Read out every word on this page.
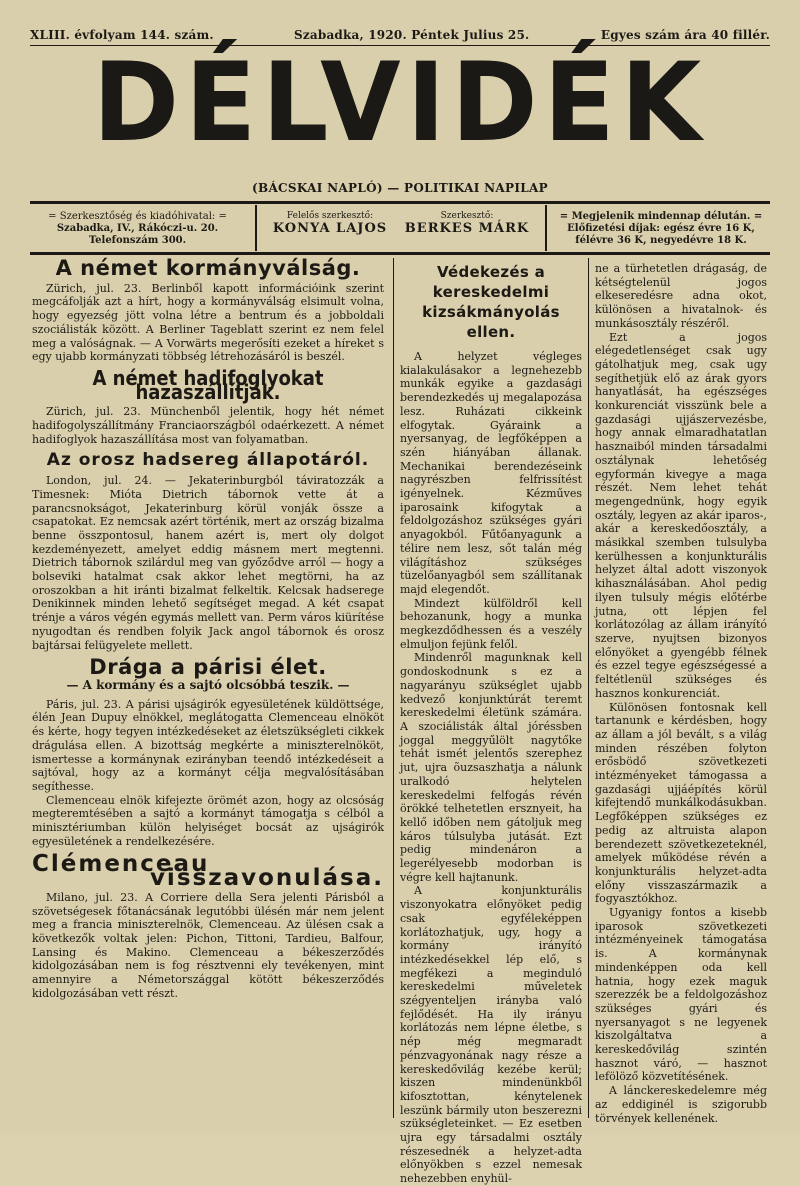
XLIII. évfolyam 144. szám.	Szabadka, 1920. Péntek Julius 25.	Egyes szám ára 40 fillér.
DÉLVIDÉK
(BÁCSKAI NAPLÓ) — POLITIKAI NAPILAP
= Szerkesztőség és kiadóhivatal: =
Szabadka, IV., Rákóczi-u. 20.
Telefonszám 300.
Felelős szerkesztő:
KONYA LAJOS
Szerkesztő:
BERKES MÁRK
= Megjelenik mindennap délután. =
Előfizetési díjak: egész évre 16 K,
félévre 36 K, negyedévre 18 K.
A német kormányválság.

Zürich, jul. 23. Berlinből kapott információink szerint megcáfolják azt a hírt, hogy a kormányválság elsimult volna, hogy egyezség jött volna létre a bentrum és a jobboldali szociálisták között. A Berliner Tageblatt szerint ez nem felel meg a valóságnak. — A Vorwärts megerősíti ezeket a híreket s egy ujabb kormányzati többség létrehozásáról is beszél.

A német hadifoglyokat hazaszállítják.

Zürich, jul. 23. Münchenből jelentik, hogy hét német hadifogolyszállítmány Franciaországból odaérkezett. A német hadifoglyok hazaszállítása most van folyamatban.

Az orosz hadsereg állapotáról.

London, jul. 24. — Jekaterinburgból táviratozzák a Timesnek: Mióta Dietrich tábornok vette át a parancsnokságot, Jekaterinburg körül vonják össze a csapatokat. Ez nemcsak azért történik, mert az ország bizalma benne összpontosul, hanem azért is, mert oly dolgot kezdeményezett, amelyet eddig másnem mert megtenni. Dietrich tábornok szilárdul meg van győződve arról — hogy a bolseviki hatalmat csak akkor lehet megtörni, ha az oroszokban a hit iránti bizalmat felkeltik. Kelcsak hadserege Denikinnek minden lehető segítséget megad. A két csapat trénje a város végén egymás mellett van. Perm város kiürítése nyugodtan és rendben folyik Jack angol tábornok és orosz bajtársai felügyelete mellett.

Drága a párisi élet.
— A kormány és a sajtó olcsóbbá teszik. —

Páris, jul. 23. A párisi ujságirók egyesületének küldöttsége, élén Jean Dupuy elnökkel, meglátogatta Clemenceau elnököt és kérte, hogy tegyen intézkedéseket az életszükségleti cikkek drágulása ellen. A bizottság megkérte a miniszterelnököt, ismertesse a kormánynak ezirányban teendő intézkedéseit a sajtóval, hogy az a kormányt célja megvalósításában segíthesse.

Clemenceau elnök kifejezte örömét azon, hogy az olcsóság megteremtésében a sajtó a kormányt támogatja s célból a minisztériumban külön helyiséget bocsát az ujságirók egyesületének a rendelkezésére.

Clémenceau
visszavonulása.

Milano, jul. 23. A Corriere della Sera jelenti Párisból a szövetségesek főtanácsának legutóbbi ülésén már nem jelent meg a francia miniszterelnök, Clemenceau. Az ülésen csak a következők voltak jelen: Pichon, Tittoni, Tardieu, Balfour, Lansing és Makino. Clemenceau a békeszerződés kidolgozásában nem is fog résztvenni ely tevékenyen, mint amennyire a Németországgal kötött békeszerződés kidolgozásában vett részt.

Védekezés a kereskedelmi kizsákmányolás ellen.

A helyzet végleges kialakulásakor a legnehezebb munkák egyike a gazdasági berendezkedés uj megalapozása lesz. Ruházati cikkeink elfogytak. Gyáraink a nyersanyag, de legfőképpen a szén hiányában állanak. Mechanikai berendezéseink nagyrészben felfrissítést igényelnek. Kézműves iparosaink kifogytak a feldolgozáshoz szükséges gyári anyagokból. Fűtőanyagunk a télire nem lesz, sőt talán még világításhoz szükséges tüzelőanyagból sem szállítanak majd elegendőt.

Mindezt külföldről kell behozanunk, hogy a munka megkezdődhessen és a veszély elmuljon fejünk felől.

Mindenről magunknak kell gondoskodnunk s ez a nagyarányu szükséglet ujabb kedvező konjunktúrát teremt kereskedelmi életünk számára. A szociálisták által jóréssben joggal meggyűlölt nagytőke tehát ismét jelentős szerephez jut, ujra õuzsaszhatja a nálunk uralkodó helytelen kereskedelmi felfogás révén örökké telhetetlen ersznyeit, ha kellő időben nem gátoljuk meg káros túlsulyba jutását. Ezt pedig mindenáron a legerélyesebb modorban is végre kell hajtanunk.

A konjunkturális viszonyokatra előnyöket pedig csak egyféleképpen korlátozhatjuk, ugy, hogy a kormány irányító intézkedésekkel lép elő, s megfékezi a meginduló kereskedelmi műveletek szégyenteljen irányba való fejlődését. Ha ily irányu korlátozás nem lépne életbe, s nép még megmaradt pénzvagyonának nagy része a kereskedővilág kezébe kerül; kiszen mindenünkből kifosztottan, kénytelenek leszünk bármily uton beszerezni szükségleteinket. — Ez esetben ujra egy társadalmi osztály részesednék a helyzet-adta előnyökben s ezzel nemesak nehezebben enyhül-

ne a türhetetlen drágaság, de kétségtelenül jogos elkeseredésre adna okot, különösen a hivatalnok- és munkásosztály részéről.

Ezt a jogos elégedetlenséget csak ugy gátolhatjuk meg, csak ugy segíthetjük elő az árak gyors hanyatlását, ha egészséges konkurenciát visszünk bele a gazdasági ujjászervezésbe, hogy annak elmaradhatatlan hasznaiból minden társadalmi osztálynak lehetőség egyformán kivegye a maga részét. Nem lehet tehát megengednünk, hogy egyik osztály, legyen az akár iparos-, akár a kereskedőosztály, a másikkal szemben tulsulyba kerülhessen a konjunkturális helyzet által adott viszonyok kihasználásában. Ahol pedig ilyen tulsuly mégis előtérbe jutna, ott lépjen fel korlátozólag az állam irányító szerve, nyujtsen bizonyos előnyöket a gyengébb félnek és ezzel tegye egészségessé a feltétlenül szükséges és hasznos konkurenciát.

Különösen fontosnak kell tartanunk e kérdésben, hogy az állam a jól bevált, s a világ minden részében folyton erősbödő szövetkezeti intézményeket támogassa a gazdasági ujjáépítés körül kifejtendő munkálkodásukban. Legfőképpen szükséges ez pedig az altruista alapon berendezett szövetkezeteknél, amelyek működése révén a konjunkturális helyzet-adta előny visszaszármazik a fogyasztókhoz.

Ugyanigy fontos a kisebb iparosok szövetkezeti intézményeinek támogatása is. A kormánynak mindenképpen oda kell hatnia, hogy ezek maguk szerezzék be a feldolgozáshoz szükséges gyári és nyersanyagot s ne legyenek kiszolgáltatva a kereskedővilág szintén hasznot váró, — hasznot lefölöző közvetítésének.

A lánckereskedelemre még az eddiginél is szigorubb törvények kellenének.
